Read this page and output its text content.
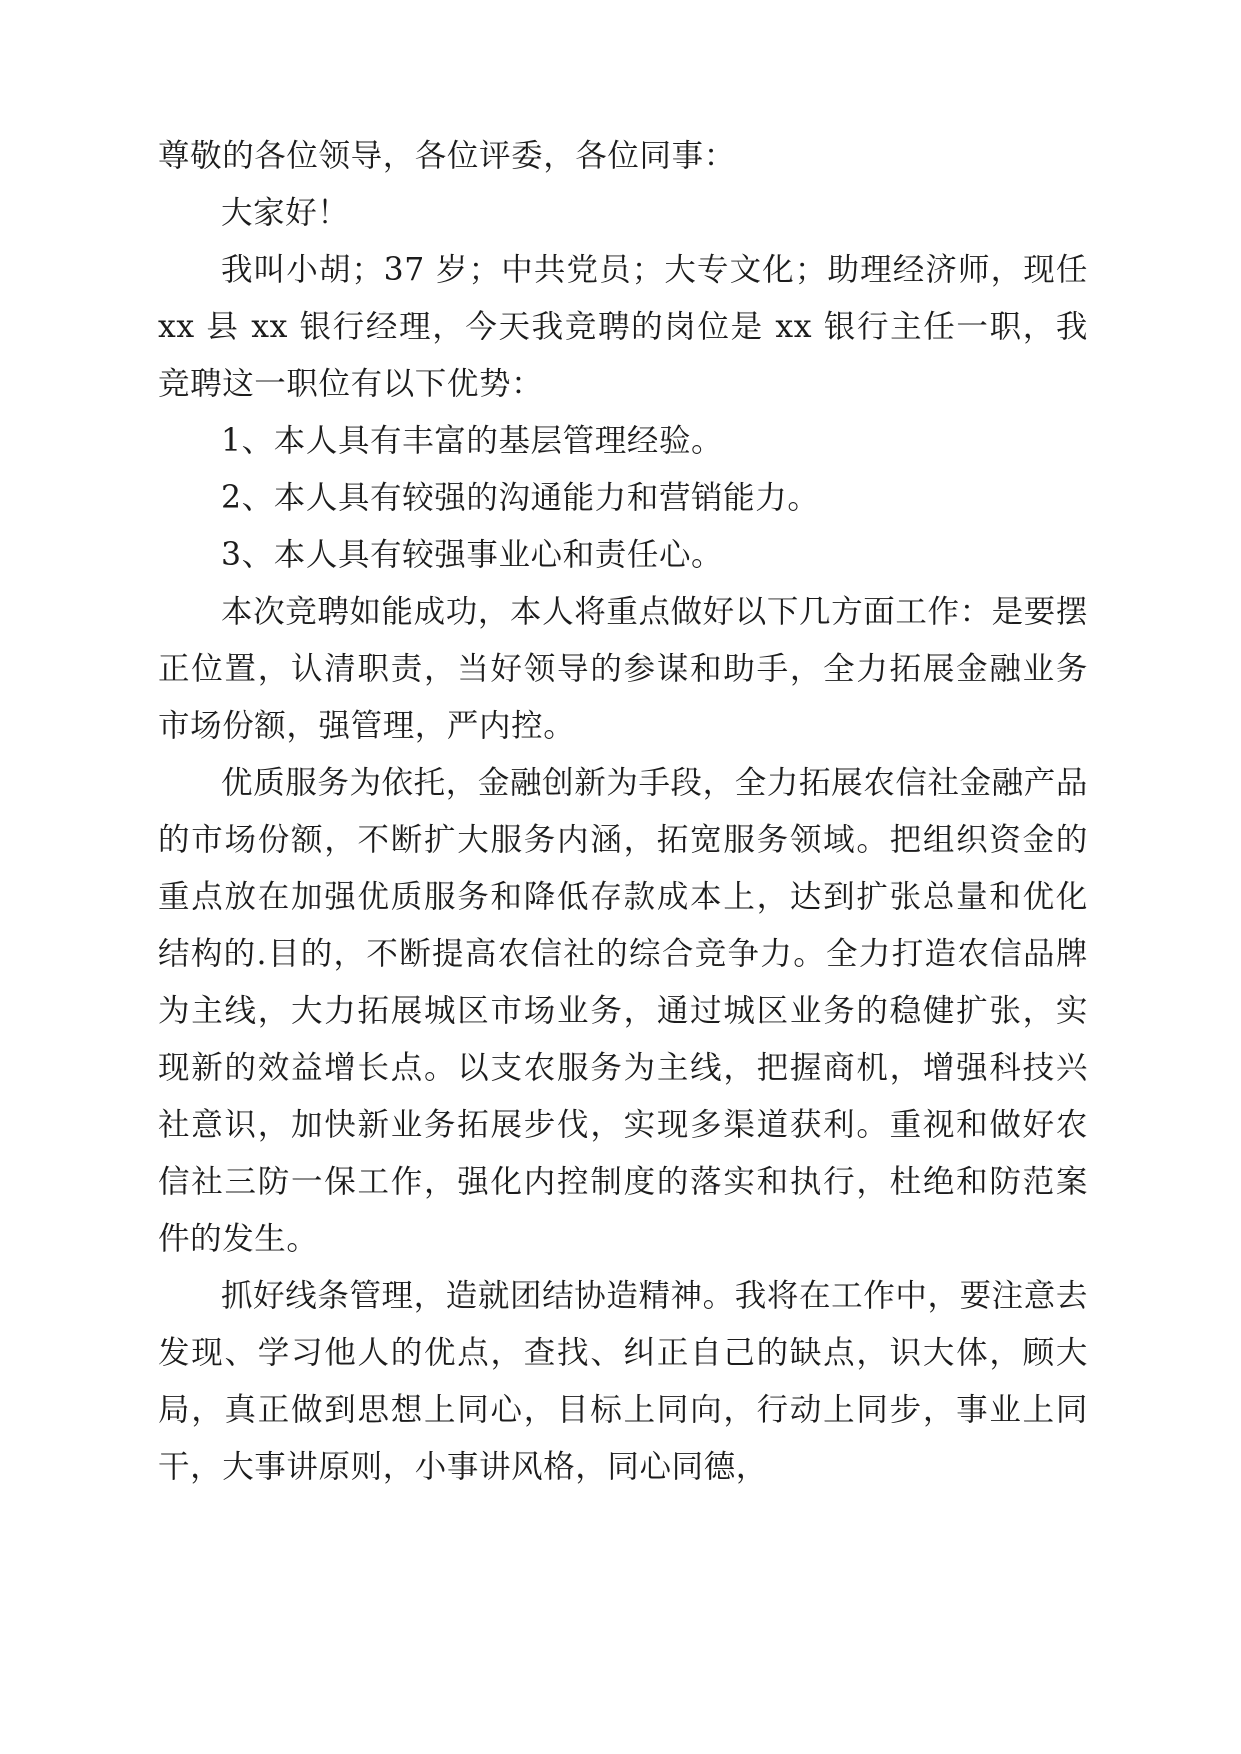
尊敬的各位领导，各位评委，各位同事：

大家好！

我叫小胡；37 岁；中共党员；大专文化；助理经济师，现任 xx 县 xx 银行经理，今天我竞聘的岗位是 xx 银行主任一职，我竞聘这一职位有以下优势：

1、本人具有丰富的基层管理经验。

2、本人具有较强的沟通能力和营销能力。

3、本人具有较强事业心和责任心。

本次竞聘如能成功，本人将重点做好以下几方面工作：是要摆正位置，认清职责，当好领导的参谋和助手，全力拓展金融业务市场份额，强管理，严内控。

优质服务为依托，金融创新为手段，全力拓展农信社金融产品的市场份额，不断扩大服务内涵，拓宽服务领域。把组织资金的重点放在加强优质服务和降低存款成本上，达到扩张总量和优化结构的.目的，不断提高农信社的综合竞争力。全力打造农信品牌为主线，大力拓展城区市场业务，通过城区业务的稳健扩张，实现新的效益增长点。以支农服务为主线，把握商机，增强科技兴社意识，加快新业务拓展步伐，实现多渠道获利。重视和做好农信社三防一保工作，强化内控制度的落实和执行，杜绝和防范案件的发生。

抓好线条管理，造就团结协造精神。我将在工作中，要注意去发现、学习他人的优点，查找、纠正自己的缺点，识大体，顾大局，真正做到思想上同心，目标上同向，行动上同步，事业上同干，大事讲原则，小事讲风格，同心同德，
